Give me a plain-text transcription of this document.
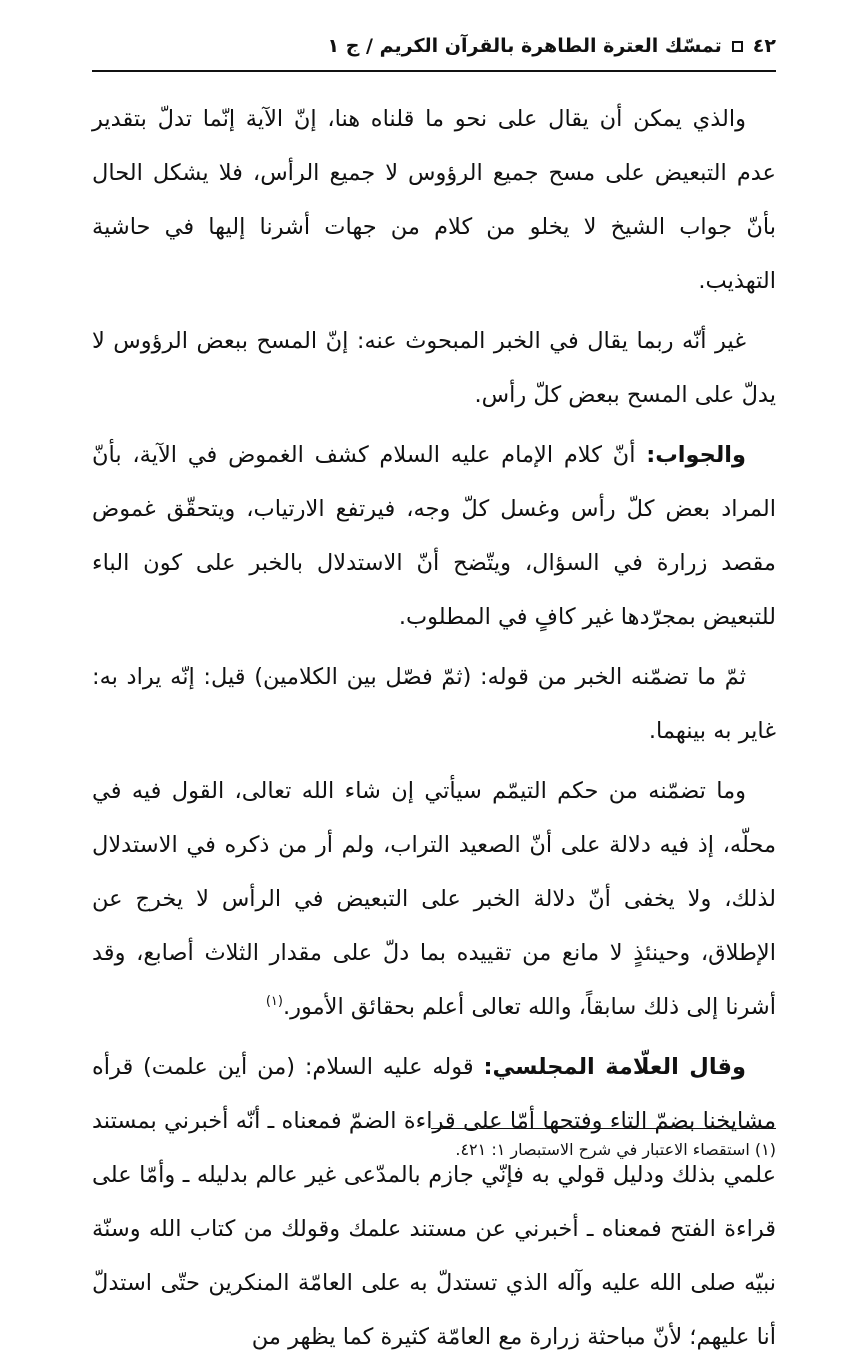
٤٢
تمسّك العترة الطاهرة بالقرآن الكريم / ج ١

والذي يمكن أن يقال على نحو ما قلناه هنا، إنّ الآية إنّما تدلّ بتقدير عدم التبعيض على مسح جميع الرؤوس لا جميع الرأس، فلا يشكل الحال بأنّ جواب الشيخ لا يخلو من كلام من جهات أشرنا إليها في حاشية التهذيب.

غير أنّه ربما يقال في الخبر المبحوث عنه: إنّ المسح ببعض الرؤوس لا يدلّ على المسح ببعض كلّ رأس.

والجواب: أنّ كلام الإمام عليه السلام كشف الغموض في الآية، بأنّ المراد بعض كلّ رأس وغسل كلّ وجه، فيرتفع الارتياب، ويتحقّق غموض مقصد زرارة في السؤال، ويتّضح أنّ الاستدلال بالخبر على كون الباء للتبعيض بمجرّدها غير كافٍ في المطلوب.

ثمّ ما تضمّنه الخبر من قوله: (ثمّ فصّل بين الكلامين) قيل: إنّه يراد به: غاير به بينهما.

وما تضمّنه من حكم التيمّم سيأتي إن شاء الله تعالى، القول فيه في محلّه، إذ فيه دلالة على أنّ الصعيد التراب، ولم أر من ذكره في الاستدلال لذلك، ولا يخفى أنّ دلالة الخبر على التبعيض في الرأس لا يخرج عن الإطلاق، وحينئذٍ لا مانع من تقييده بما دلّ على مقدار الثلاث أصابع، وقد أشرنا إلى ذلك سابقاً، والله تعالى أعلم بحقائق الأمور.$^{(١)}$

وقال العلّامة المجلسي: قوله عليه السلام: (من أين علمت) قرأه مشايخنا بضمّ التاء وفتحها أمّا على قراءة الضمّ فمعناه ـ أنّه أخبرني بمستند علمي بذلك ودليل قولي به فإنّي جازم بالمدّعى غير عالم بدليله ـ وأمّا على قراءة الفتح فمعناه ـ أخبرني عن مستند علمك وقولك من كتاب الله وسنّة نبيّه صلى الله عليه وآله الذي تستدلّ به على العامّة المنكرين حتّى استدلّ أنا عليهم؛ لأنّ مباحثة زرارة مع العامّة كثيرة كما يظهر من

(١) استقصاء الاعتبار في شرح الاستبصار ١: ٤٢١.
